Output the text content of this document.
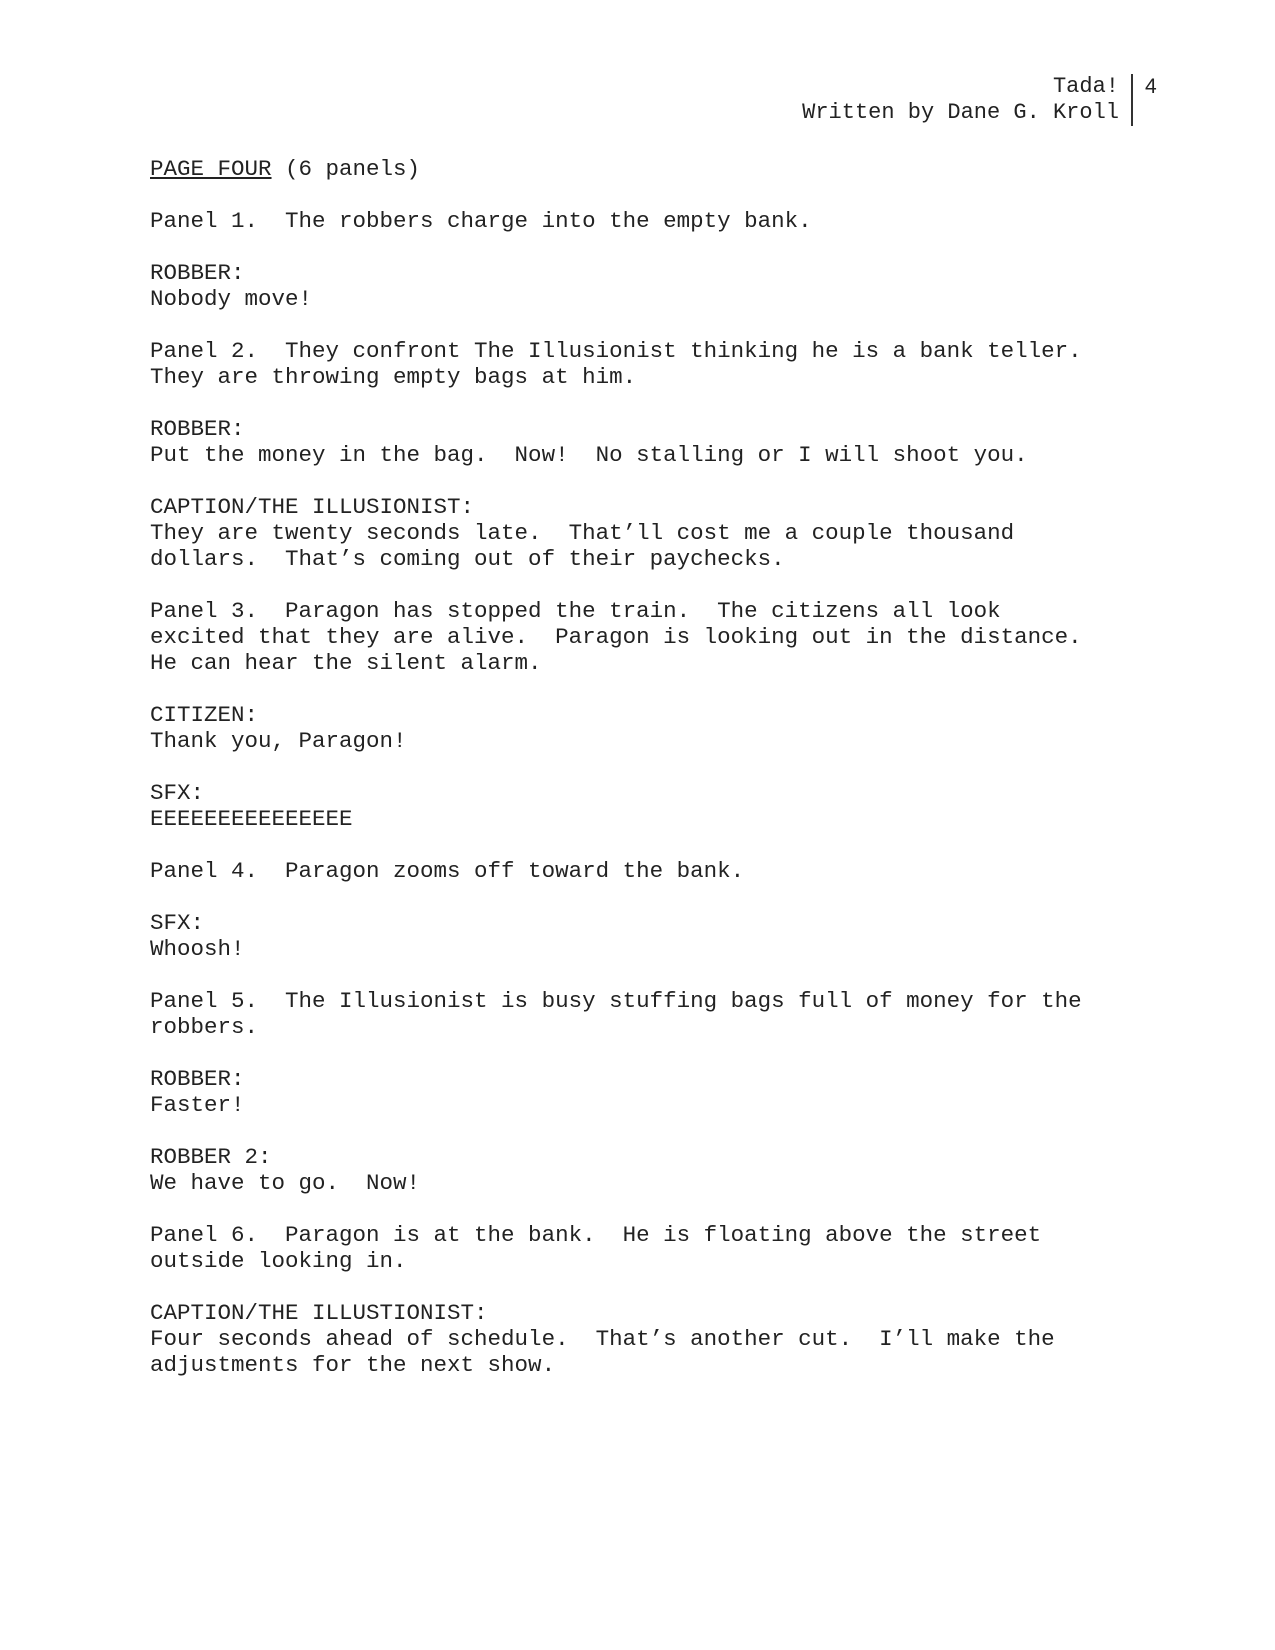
Tada!
Written by Dane G. Kroll
4
PAGE FOUR (6 panels)
Panel 1.  The robbers charge into the empty bank.
ROBBER:
Nobody move!
Panel 2.  They confront The Illusionist thinking he is a bank teller.
They are throwing empty bags at him.
ROBBER:
Put the money in the bag.  Now!  No stalling or I will shoot you.
CAPTION/THE ILLUSIONIST:
They are twenty seconds late.  That’ll cost me a couple thousand
dollars.  That’s coming out of their paychecks.
Panel 3.  Paragon has stopped the train.  The citizens all look
excited that they are alive.  Paragon is looking out in the distance.
He can hear the silent alarm.
CITIZEN:
Thank you, Paragon!
SFX:
EEEEEEEEEEEEEEE
Panel 4.  Paragon zooms off toward the bank.
SFX:
Whoosh!
Panel 5.  The Illusionist is busy stuffing bags full of money for the
robbers.
ROBBER:
Faster!
ROBBER 2:
We have to go.  Now!
Panel 6.  Paragon is at the bank.  He is floating above the street
outside looking in.
CAPTION/THE ILLUSTIONIST:
Four seconds ahead of schedule.  That’s another cut.  I’ll make the
adjustments for the next show.
